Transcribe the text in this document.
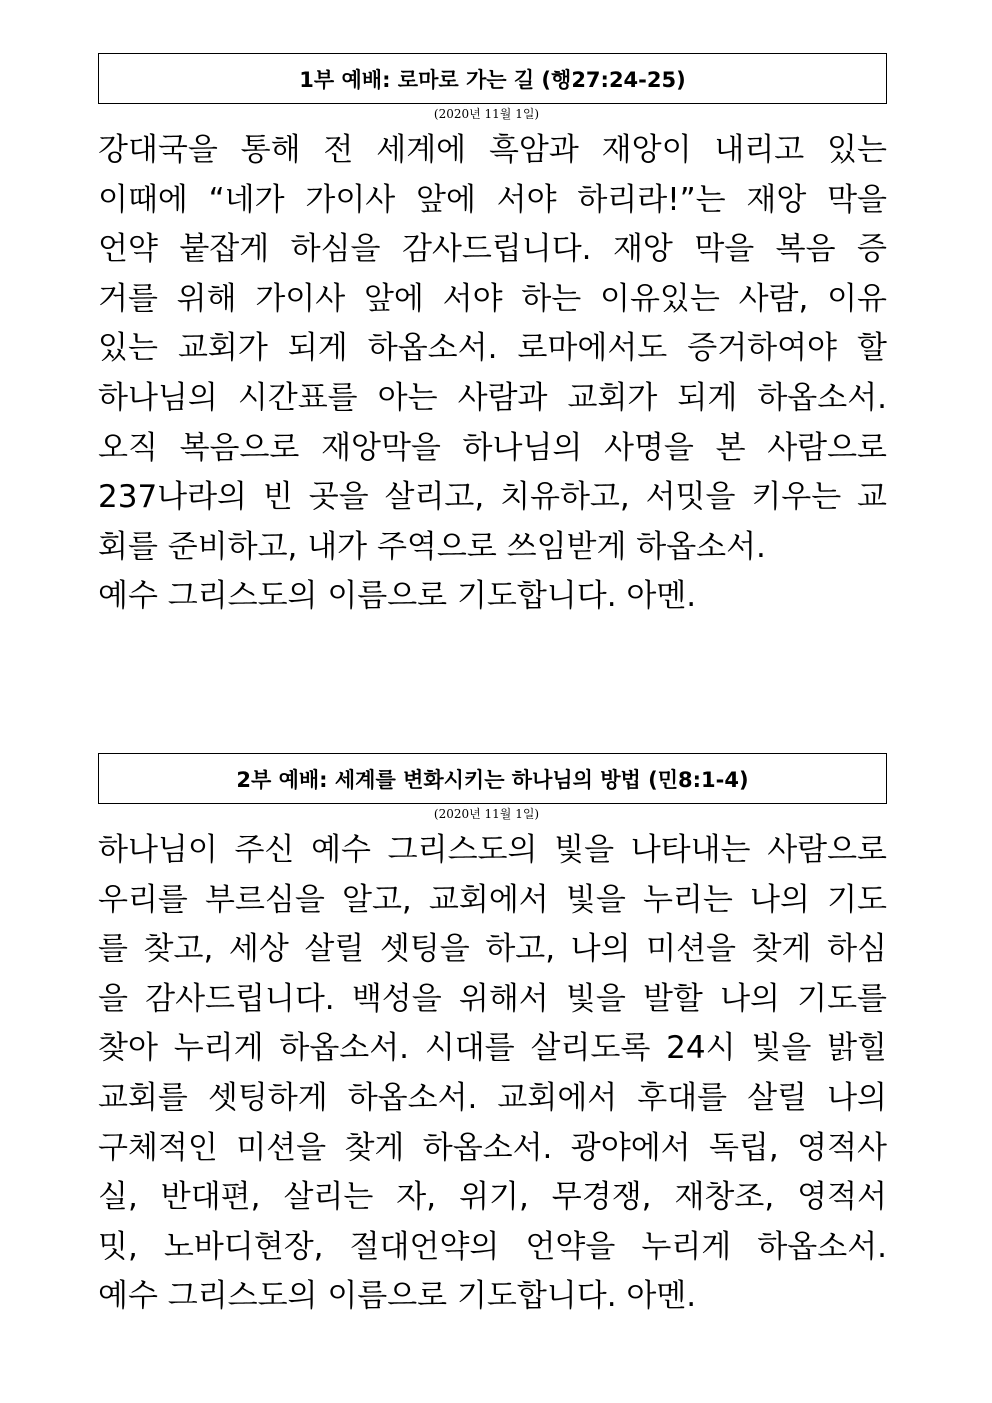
1부 예배: 로마로 가는 길 (행27:24-25)
(2020년 11월 1일)
강대국을 통해 전 세계에 흑암과 재앙이 내리고 있는
이때에 “네가 가이사 앞에 서야 하리라!”는 재앙 막을
언약 붙잡게 하심을 감사드립니다. 재앙 막을 복음 증
거를 위해 가이사 앞에 서야 하는 이유있는 사람, 이유
있는 교회가 되게 하옵소서. 로마에서도 증거하여야 할
하나님의 시간표를 아는 사람과 교회가 되게 하옵소서.
오직 복음으로 재앙막을 하나님의 사명을 본 사람으로
237나라의 빈 곳을 살리고, 치유하고, 서밋을 키우는 교
회를 준비하고, 내가 주역으로 쓰임받게 하옵소서.
예수 그리스도의 이름으로 기도합니다. 아멘.
2부 예배: 세계를 변화시키는 하나님의 방법 (민8:1-4)
(2020년 11월 1일)
하나님이 주신 예수 그리스도의 빛을 나타내는 사람으로
우리를 부르심을 알고, 교회에서 빛을 누리는 나의 기도
를 찾고, 세상 살릴 셋팅을 하고, 나의 미션을 찾게 하심
을 감사드립니다. 백성을 위해서 빛을 발할 나의 기도를
찾아 누리게 하옵소서. 시대를 살리도록 24시 빛을 밝힐
교회를 셋팅하게 하옵소서. 교회에서 후대를 살릴 나의
구체적인 미션을 찾게 하옵소서. 광야에서 독립, 영적사
실, 반대편, 살리는 자, 위기, 무경쟁, 재창조, 영적서
밋, 노바디현장, 절대언약의 언약을 누리게 하옵소서.
예수 그리스도의 이름으로 기도합니다. 아멘.
